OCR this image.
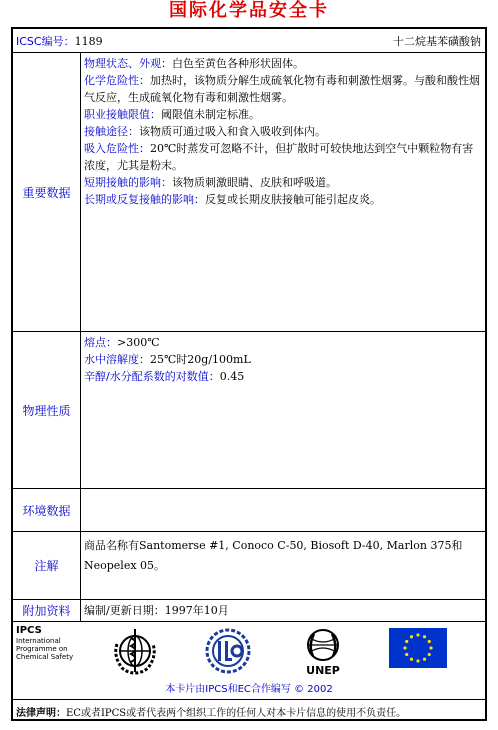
国际化学品安全卡
ICSC编号：1189	十二烷基苯磺酸钠
重要数据
物理状态、外观：白色至黄色各种形状固体。
化学危险性：加热时，该物质分解生成硫氧化物有毒和刺激性烟雾。与酸和酸性烟气反应，生成硫氧化物有毒和刺激性烟雾。
职业接触限值：阈限值未制定标准。
接触途径：该物质可通过吸入和食入吸收到体内。
吸入危险性：20℃时蒸发可忽略不计，但扩散时可较快地达到空气中颗粒物有害浓度，尤其是粉末。
短期接触的影响：该物质刺激眼睛、皮肤和呼吸道。
长期或反复接触的影响：反复或长期皮肤接触可能引起皮炎。
物理性质
熔点：>300℃
水中溶解度：25℃时20g/100mL
辛醇/水分配系数的对数值：0.45
环境数据
注解
商品名称有Santomerse #1, Conoco C-50, Biosoft D-40, Marlon 375和Neopelex 05。
附加资料	编制/更新日期：1997年10月
IPCS
International
Programme on
Chemical Safety
UNEP
本卡片由IPCS和EC合作编写 © 2002
法律声明：EC或者IPCS或者代表两个组织工作的任何人对本卡片信息的使用不负责任。
